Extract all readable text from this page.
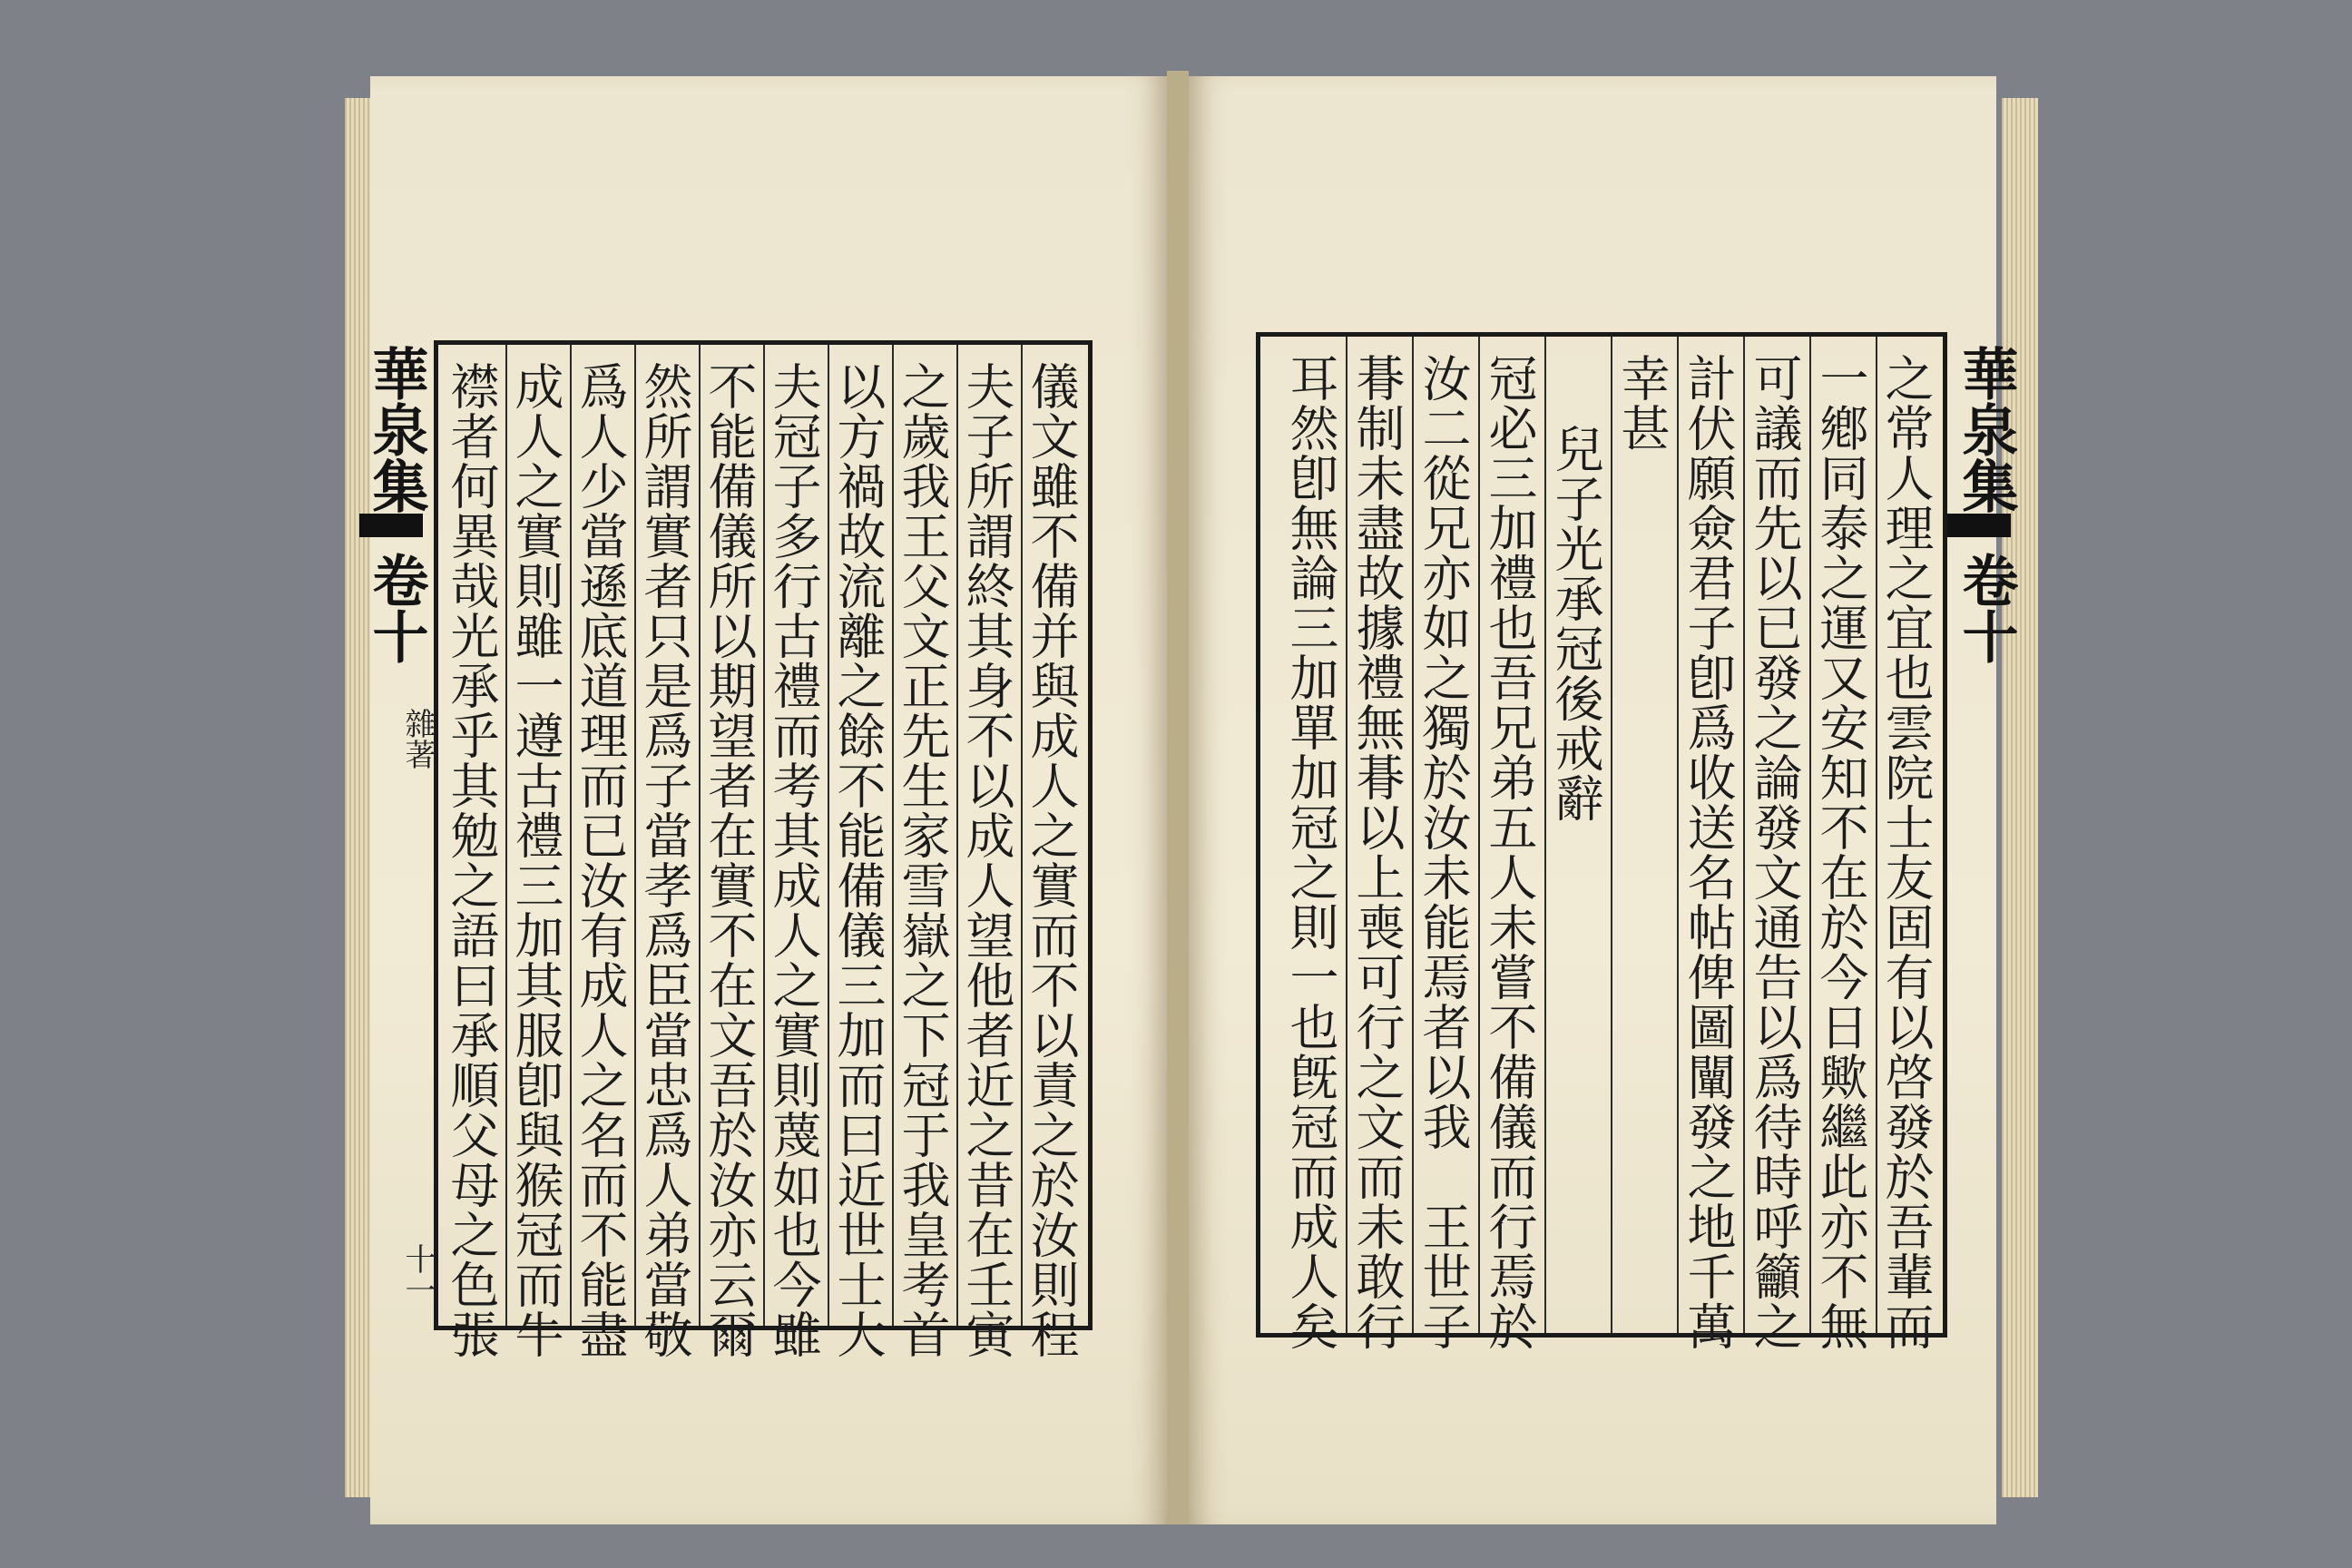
儀文雖不備并與成人之實而不以責之於汝則程
夫子所謂終其身不以成人望他者近之昔在壬寅
之歲我王父文正先生家雪嶽之下冠于我皇考首
以方禍故流離之餘不能備儀三加而曰近世士大
夫冠子多行古禮而考其成人之實則蔑如也今雖
不能備儀所以期望者在實不在文吾於汝亦云爾
然所謂實者只是爲子當孝爲臣當忠爲人弟當敬
爲人少當遜底道理而已汝有成人之名而不能盡
成人之實則雖一遵古禮三加其服卽與猴冠而牛
襟者何異哉光承乎其勉之語曰承順父母之色張
華泉集
卷十
雜著
十一	之常人理之宜也雲院士友固有以啓發於吾輩而
一鄕同泰之運又安知不在於今日歟繼此亦不無
可議而先以已發之論發文通告以爲待時呼籲之
計伏願僉君子卽爲收送名帖俾圖闡發之地千萬
幸甚
兒子光承冠後戒辭
冠必三加禮也吾兄弟五人未嘗不備儀而行焉於
汝二從兄亦如之獨於汝未能焉者以我　王世子
朞制未盡故據禮無朞以上喪可行之文而未敢行
耳然卽無論三加單加冠之則一也旣冠而成人矣	華泉集
卷十
